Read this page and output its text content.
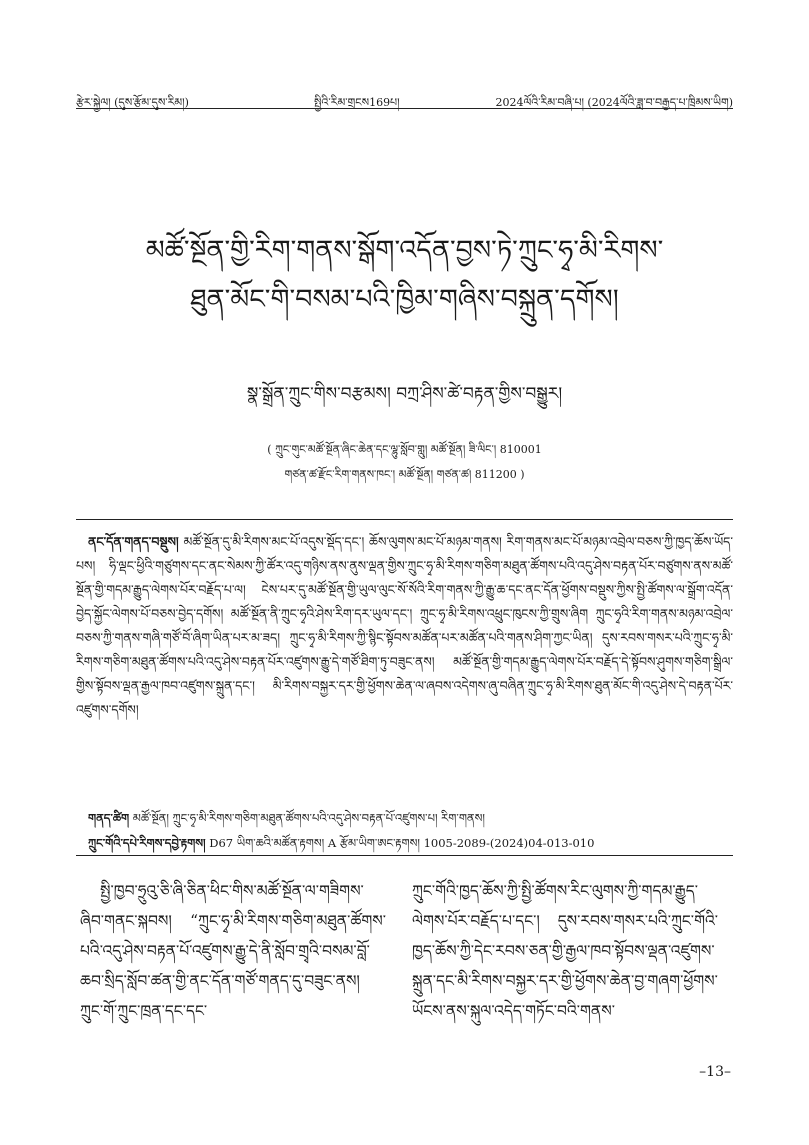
རྩེར་སྐྱེལ། (དུས་རྩོམ་དུས་རིམ།)	སྤྱིའི་རིམ་གྲངས169པ།	2024ལོའི་རིམ་བཞི་པ། (2024ལོའི་ཟླ་བ་བརྒྱད་པ་ཁྲིམས་ཡིག)
མཚོ་སྔོན་གྱི་རིག་གནས་སྒོག་འདོན་བྱས་ཏེ་ཀྲུང་ཧྭ་མི་རིགས་
ཐུན་མོང་གི་བསམ་པའི་ཁྱིམ་གཞིས་བསྐྲུན་དགོས།
སྣ་སྒྲོན་ཀྲུང་གིས་བརྩམས། བཀྲ་ཤིས་ཚེ་བརྟན་གྱིས་བསྒྱུར།
( ཀྲུང་གུང་མཚོ་སྔོན་ཞིང་ཆེན་དང་ལྷུ་སློབ་གླུ། མཚོ་སྔོན། ཟི་ལིང་། 810001
གཙན་ཚ་རྫོང་རིག་གནས་ཁང་། མཚོ་སྔོན། གཙན་ཚ། 811200 )
ནང་དོན་གནད་བསྡུས། མཚོ་སྔོན་དུ་མི་རིགས་མང་པོ་འདུས་སྡོད་དང་། ཆོས་ལུགས་མང་པོ་མཉམ་གནས། རིག་གནས་མང་པོ་མཉམ་འབྲེལ་བཅས་ཀྱི་ཁྱད་ཆོས་ཡོད་པས། ཧི་ལྡང་ཕྱིའི་གཙུགས་དང་ནང་སེམས་ཀྱི་ཚོར་འདུ་གཉིས་ནས་ནུས་ལྡན་གྱིས་ཀྲུང་ཧྭ་མི་རིགས་གཅིག་མཐུན་ཚོགས་པའི་འདུ་ཤེས་བརྟན་པོར་བཙུགས་ནས་མཚོ་སྔོན་གྱི་གདམ་རྒྱུད་ལེགས་པོར་བརྗོད་པ་ལ། ངེས་པར་དུ་མཚོ་སྔོན་གྱི་ཡུལ་ལུང་སོ་སོའི་རིག་གནས་ཀྱི་རྒྱུ་ཆ་དང་ནང་དོན་ཕྱོགས་བསྡུས་ཀྱིས་སྤྱི་ཚོགས་ལ་སྒྲོག་འདོན་བྱེད་སྐྱོང་ལེགས་པོ་བཅས་བྱེད་དགོས། མཚོ་སྔོན་ནི་ཀྲུང་ཧྭའི་ཤེས་རིག་དར་ཡུལ་དང་། ཀྲུང་ཧྭ་མི་རིགས་འཕྲུང་ཁུངས་ཀྱི་གྲུས་ཞིག ཀྲུང་ཧྭའི་རིག་གནས་མཉམ་འབྲེལ་བཅས་ཀྱི་གནས་གཞི་གཙོ་བོ་ཞིག་ཡིན་པར་མ་ཟད། ཀྲུང་ཧྭ་མི་རིགས་ཀྱི་སྙིང་སྟོབས་མཚོན་པར་མཚོན་པའི་གནས་ཤིག་ཀྱང་ཡིན། དུས་རབས་གསར་པའི་ཀྲུང་ཧྭ་མི་རིགས་གཅིག་མཐུན་ཚོགས་པའི་འདུ་ཤེས་བརྟན་པོར་འཛུགས་རྒྱུ་དེ་གཙོ་ཐིག་ཏུ་བཟུང་ནས། མཚོ་སྔོན་གྱི་གདམ་རྒྱུད་ལེགས་པོར་བརྗོད་དེ་སྟོབས་ཤུགས་གཅིག་སྒྲིལ་གྱིས་སྟོབས་ལྡན་རྒྱལ་ཁབ་འཛུགས་སྐྲུན་དང་། མི་རིགས་བསྐྱར་དར་གྱི་ཕྱོགས་ཆེན་ལ་ཞབས་འདེགས་ཞུ་བཞིན་ཀྲུང་ཧྭ་མི་རིགས་ཐུན་མོང་གི་འདུ་ཤེས་དེ་བརྟན་པོར་འཛུགས་དགོས།
གནད་ཚིག མཚོ་སྔོན། ཀྲུང་ཧྭ་མི་རིགས་གཅིག་མཐུན་ཚོགས་པའི་འདུ་ཤེས་བརྟན་པོ་འཛུགས་པ། རིག་གནས།
ཀྲུང་གོའི་དཔེ་རིགས་དབྱེ་རྟགས། D67 ཡིག་ཆའི་མཚོན་རྟགས། A རྩོམ་ཡིག་ཨང་རྟགས། 1005-2089-(2024)04-013-010
སྤྱི་ཁྱབ་ཧྲུའུ་ཅི་ཞི་ཅིན་ཕིང་གིས་མཚོ་སྔོན་ལ་གཟིགས་ཞིབ་གནང་སྐབས། “ཀྲུང་ཧྭ་མི་རིགས་གཅིག་མཐུན་ཚོགས་པའི་འདུ་ཤེས་བརྟན་པོ་འཛུགས་རྒྱུ་དེ་ནི་སློབ་གྲྭའི་བསམ་བློ་ཆབ་སྲིད་སློབ་ཚན་གྱི་ནང་དོན་གཙོ་གནད་དུ་བཟུང་ནས། ཀྲུང་གོ་ཀྲུང་ཁྲན་དང་དང་
ཀྲུང་གོའི་ཁྱད་ཆོས་ཀྱི་སྤྱི་ཚོགས་རིང་ལུགས་ཀྱི་གདམ་རྒྱུད་ལེགས་པོར་བརྗོད་པ་དང་། དུས་རབས་གསར་པའི་ཀྲུང་གོའི་ཁྱད་ཆོས་ཀྱི་དེང་རབས་ཅན་གྱི་རྒྱལ་ཁབ་སྟོབས་ལྡན་འཛུགས་སྐྲུན་དང་མི་རིགས་བསྐྱར་དར་གྱི་ཕྱོགས་ཆེན་བྱ་གཞག་ཕྱོགས་ཡོངས་ནས་སྐུལ་འདེད་གཏོང་བའི་གནས་
–13–
